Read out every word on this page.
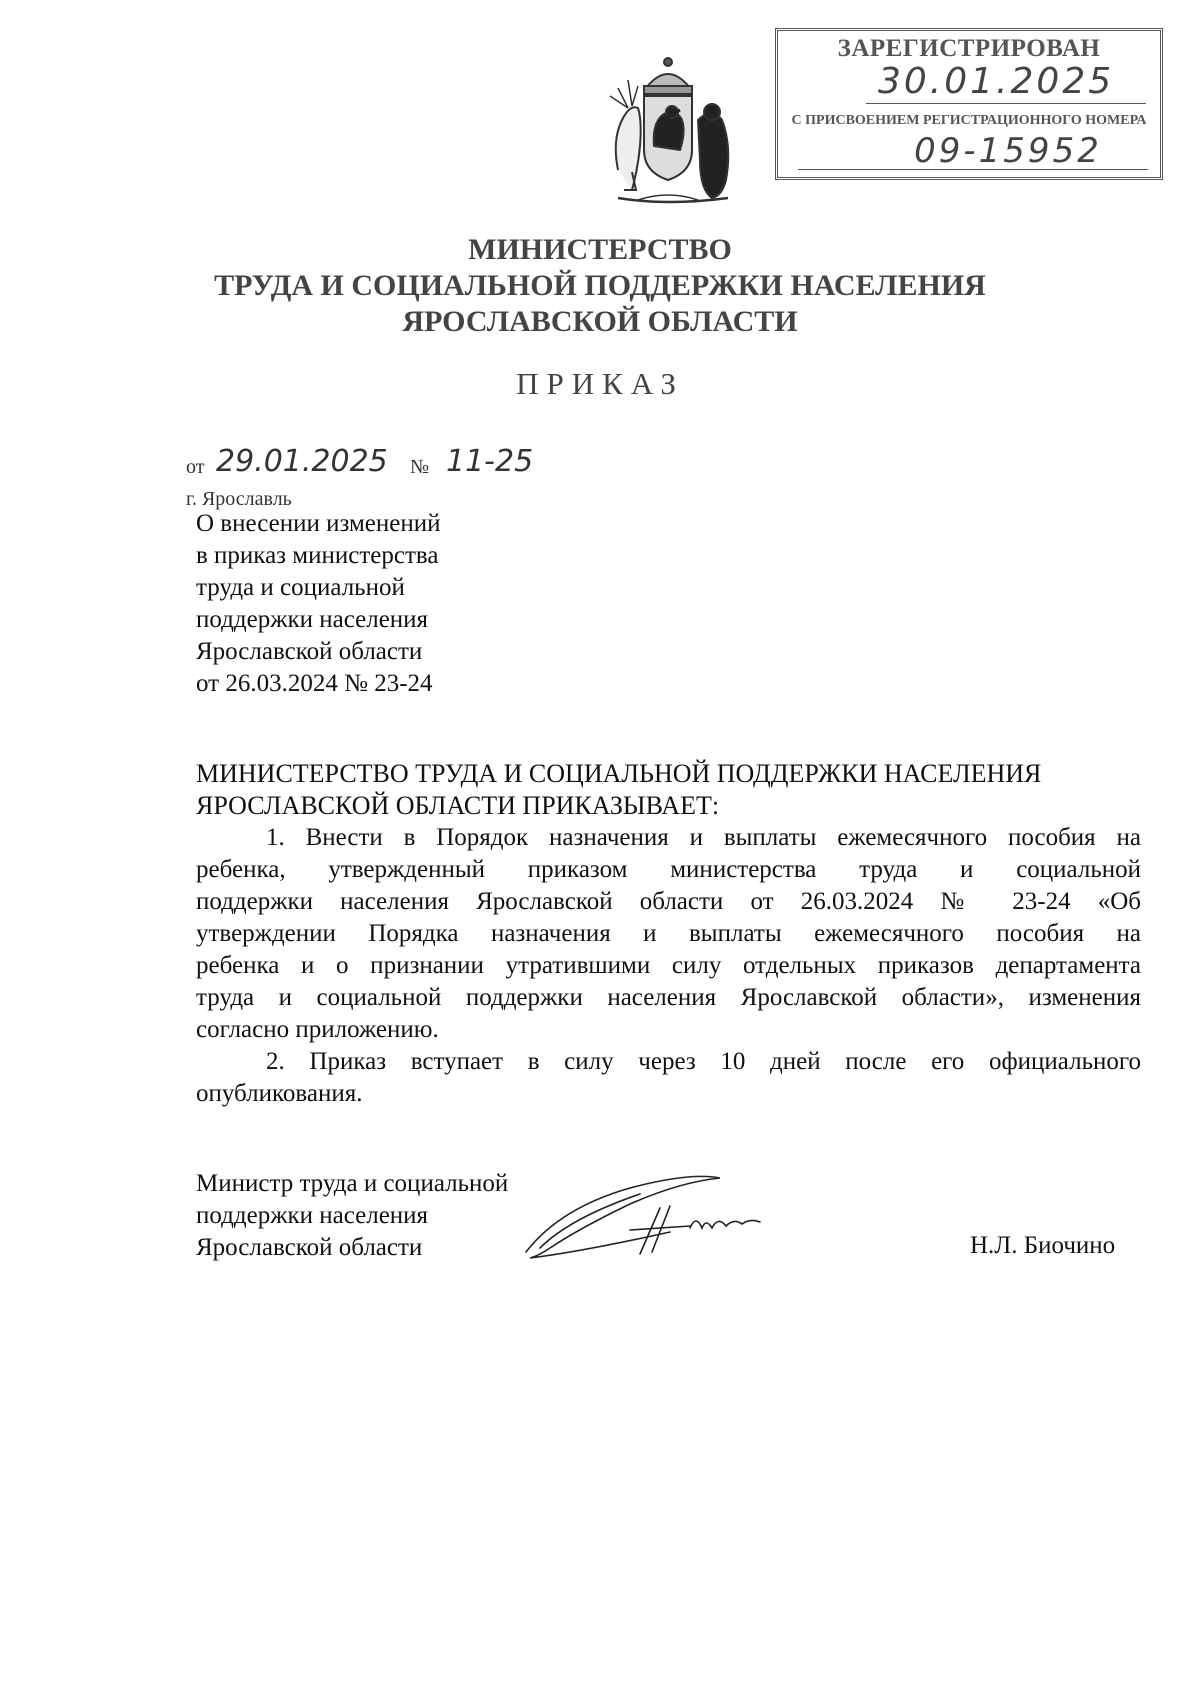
ЗАРЕГИСТРИРОВАН
30.01.2025
С ПРИСВОЕНИЕМ РЕГИСТРАЦИОННОГО НОМЕРА
09-15952
МИНИСТЕРСТВО
ТРУДА И СОЦИАЛЬНОЙ ПОДДЕРЖКИ НАСЕЛЕНИЯ
ЯРОСЛАВСКОЙ ОБЛАСТИ
ПРИКАЗ
от 29.01.2025	№ 11-25
г. Ярославль
О внесении изменений
в приказ министерства
труда и социальной
поддержки населения
Ярославской области
от 26.03.2024 № 23-24
МИНИСТЕРСТВО ТРУДА И СОЦИАЛЬНОЙ ПОДДЕРЖКИ НАСЕЛЕНИЯ
ЯРОСЛАВСКОЙ ОБЛАСТИ ПРИКАЗЫВАЕТ:
1. Внести в Порядок назначения и выплаты ежемесячного пособия на
ребенка, утвержденный приказом министерства труда и социальной
поддержки населения Ярославской области от 26.03.2024 № 23-24 «Об
утверждении Порядка назначения и выплаты ежемесячного пособия на
ребенка и о признании утратившими силу отдельных приказов департамента
труда и социальной поддержки населения Ярославской области», изменения
согласно приложению.
2. Приказ вступает в силу через 10 дней после его официального
опубликования.
Министр труда и социальной
поддержки населения
Ярославской области	Н.Л. Биочино
